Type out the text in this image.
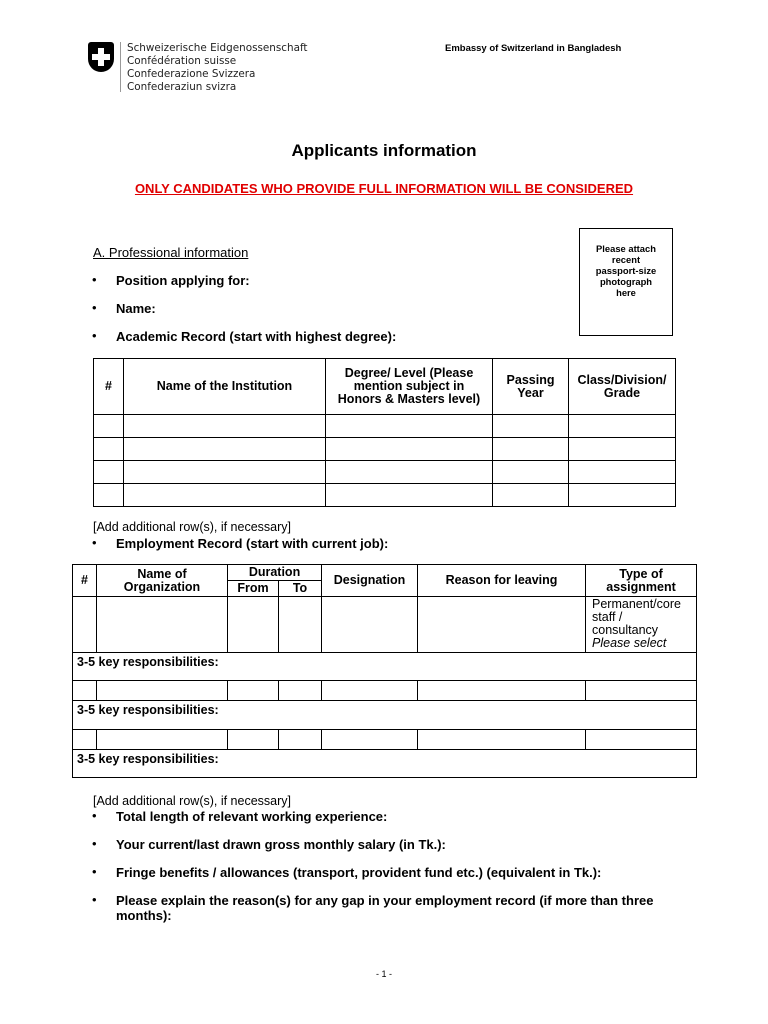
Schweizerische Eidgenossenschaft
Confédération suisse
Confederazione Svizzera
Confederaziun svizra
Embassy of Switzerland in Bangladesh
Applicants information
ONLY CANDIDATES WHO PROVIDE FULL INFORMATION WILL BE CONSIDERED
Please attach
recent
passport-size
photograph
here
A. Professional information
• Position applying for:
• Name:
• Academic Record (start with highest degree):
#	Name of the Institution	Degree/ Level (Please mention subject in Honors & Masters level)	Passing Year	Class/Division/ Grade

[Add additional row(s), if necessary]
• Employment Record (start with current job):
#	Name of Organization	Duration		Designation	Reason for leaving	Type of assignment
		From	To			

						Permanent/core staff / consultancy
Please select

3-5 key responsibilities:						

3-5 key responsibilities:						

3-5 key responsibilities:						
[Add additional row(s), if necessary]
• Total length of relevant working experience:
• Your current/last drawn gross monthly salary (in Tk.):
• Fringe benefits / allowances (transport, provident fund etc.) (equivalent in Tk.):
• Please explain the reason(s) for any gap in your employment record (if more than three
months):
- 1 -
